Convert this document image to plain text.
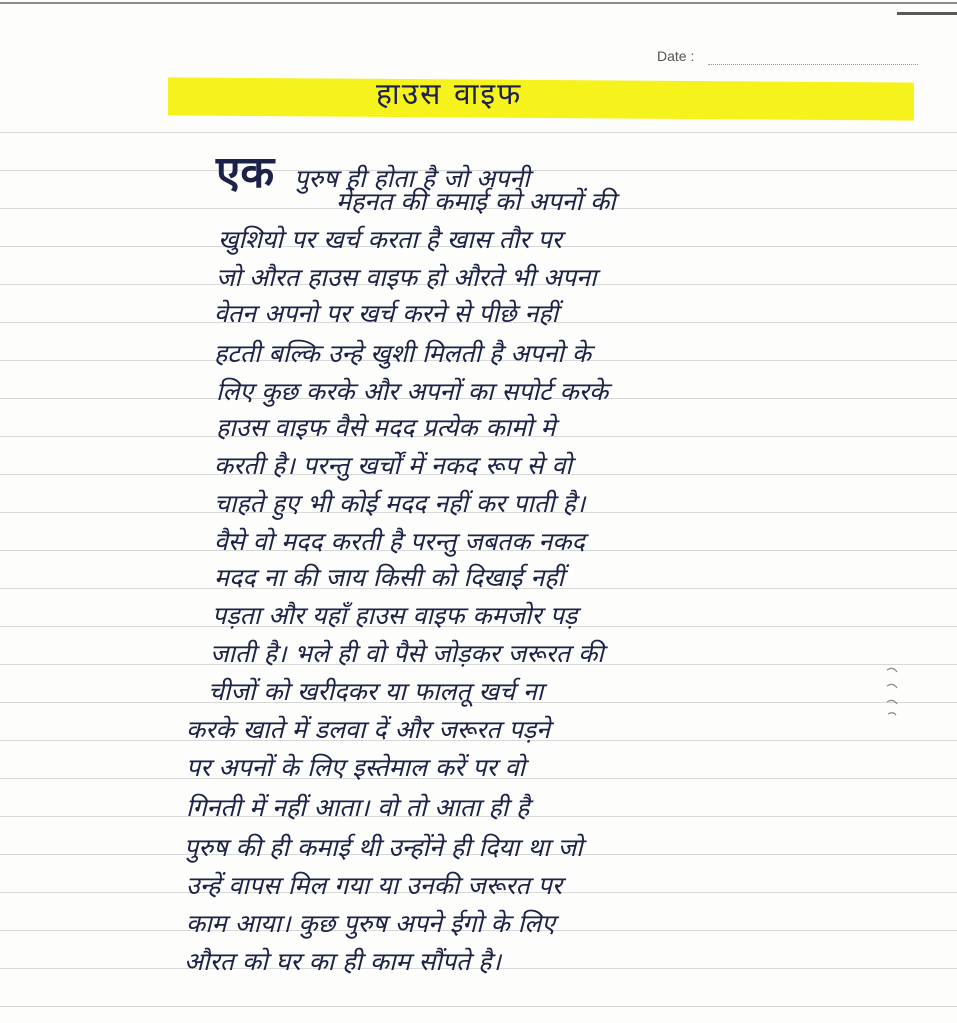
Date :
हाउस वाइफ
एक पुरुष ही होता है जो अपनी
मेहनत की कमाई को अपनों की
खुशियो पर खर्च करता है खास तौर पर
जो औरत हाउस वाइफ हो औरते भी अपना
वेतन अपनो पर खर्च करने से पीछे नहीं
हटती बल्कि उन्हे खुशी मिलती है अपनो के
लिए कुछ करके और अपनों का सपोर्ट करके
हाउस वाइफ वैसे मदद प्रत्येक कामो मे
करती है। परन्तु खर्चों में नकद रूप से वो
चाहते हुए भी कोई मदद नहीं कर पाती है।
वैसे वो मदद करती है परन्तु जबतक नकद
मदद ना की जाय किसी को दिखाई नहीं
पड़ता और यहाँ हाउस वाइफ कमजोर पड़
जाती है। भले ही वो पैसे जोड़कर जरूरत की
चीजों को खरीदकर या फालतू खर्च ना
करके खाते में डलवा दें और जरूरत पड़ने
पर अपनों के लिए इस्तेमाल करें पर वो
गिनती में नहीं आता। वो तो आता ही है
पुरुष की ही कमाई थी उन्होंने ही दिया था जो
उन्हें वापस मिल गया या उनकी जरूरत पर
काम आया। कुछ पुरुष अपने ईगो के लिए
औरत को घर का ही काम सौंपते है।
